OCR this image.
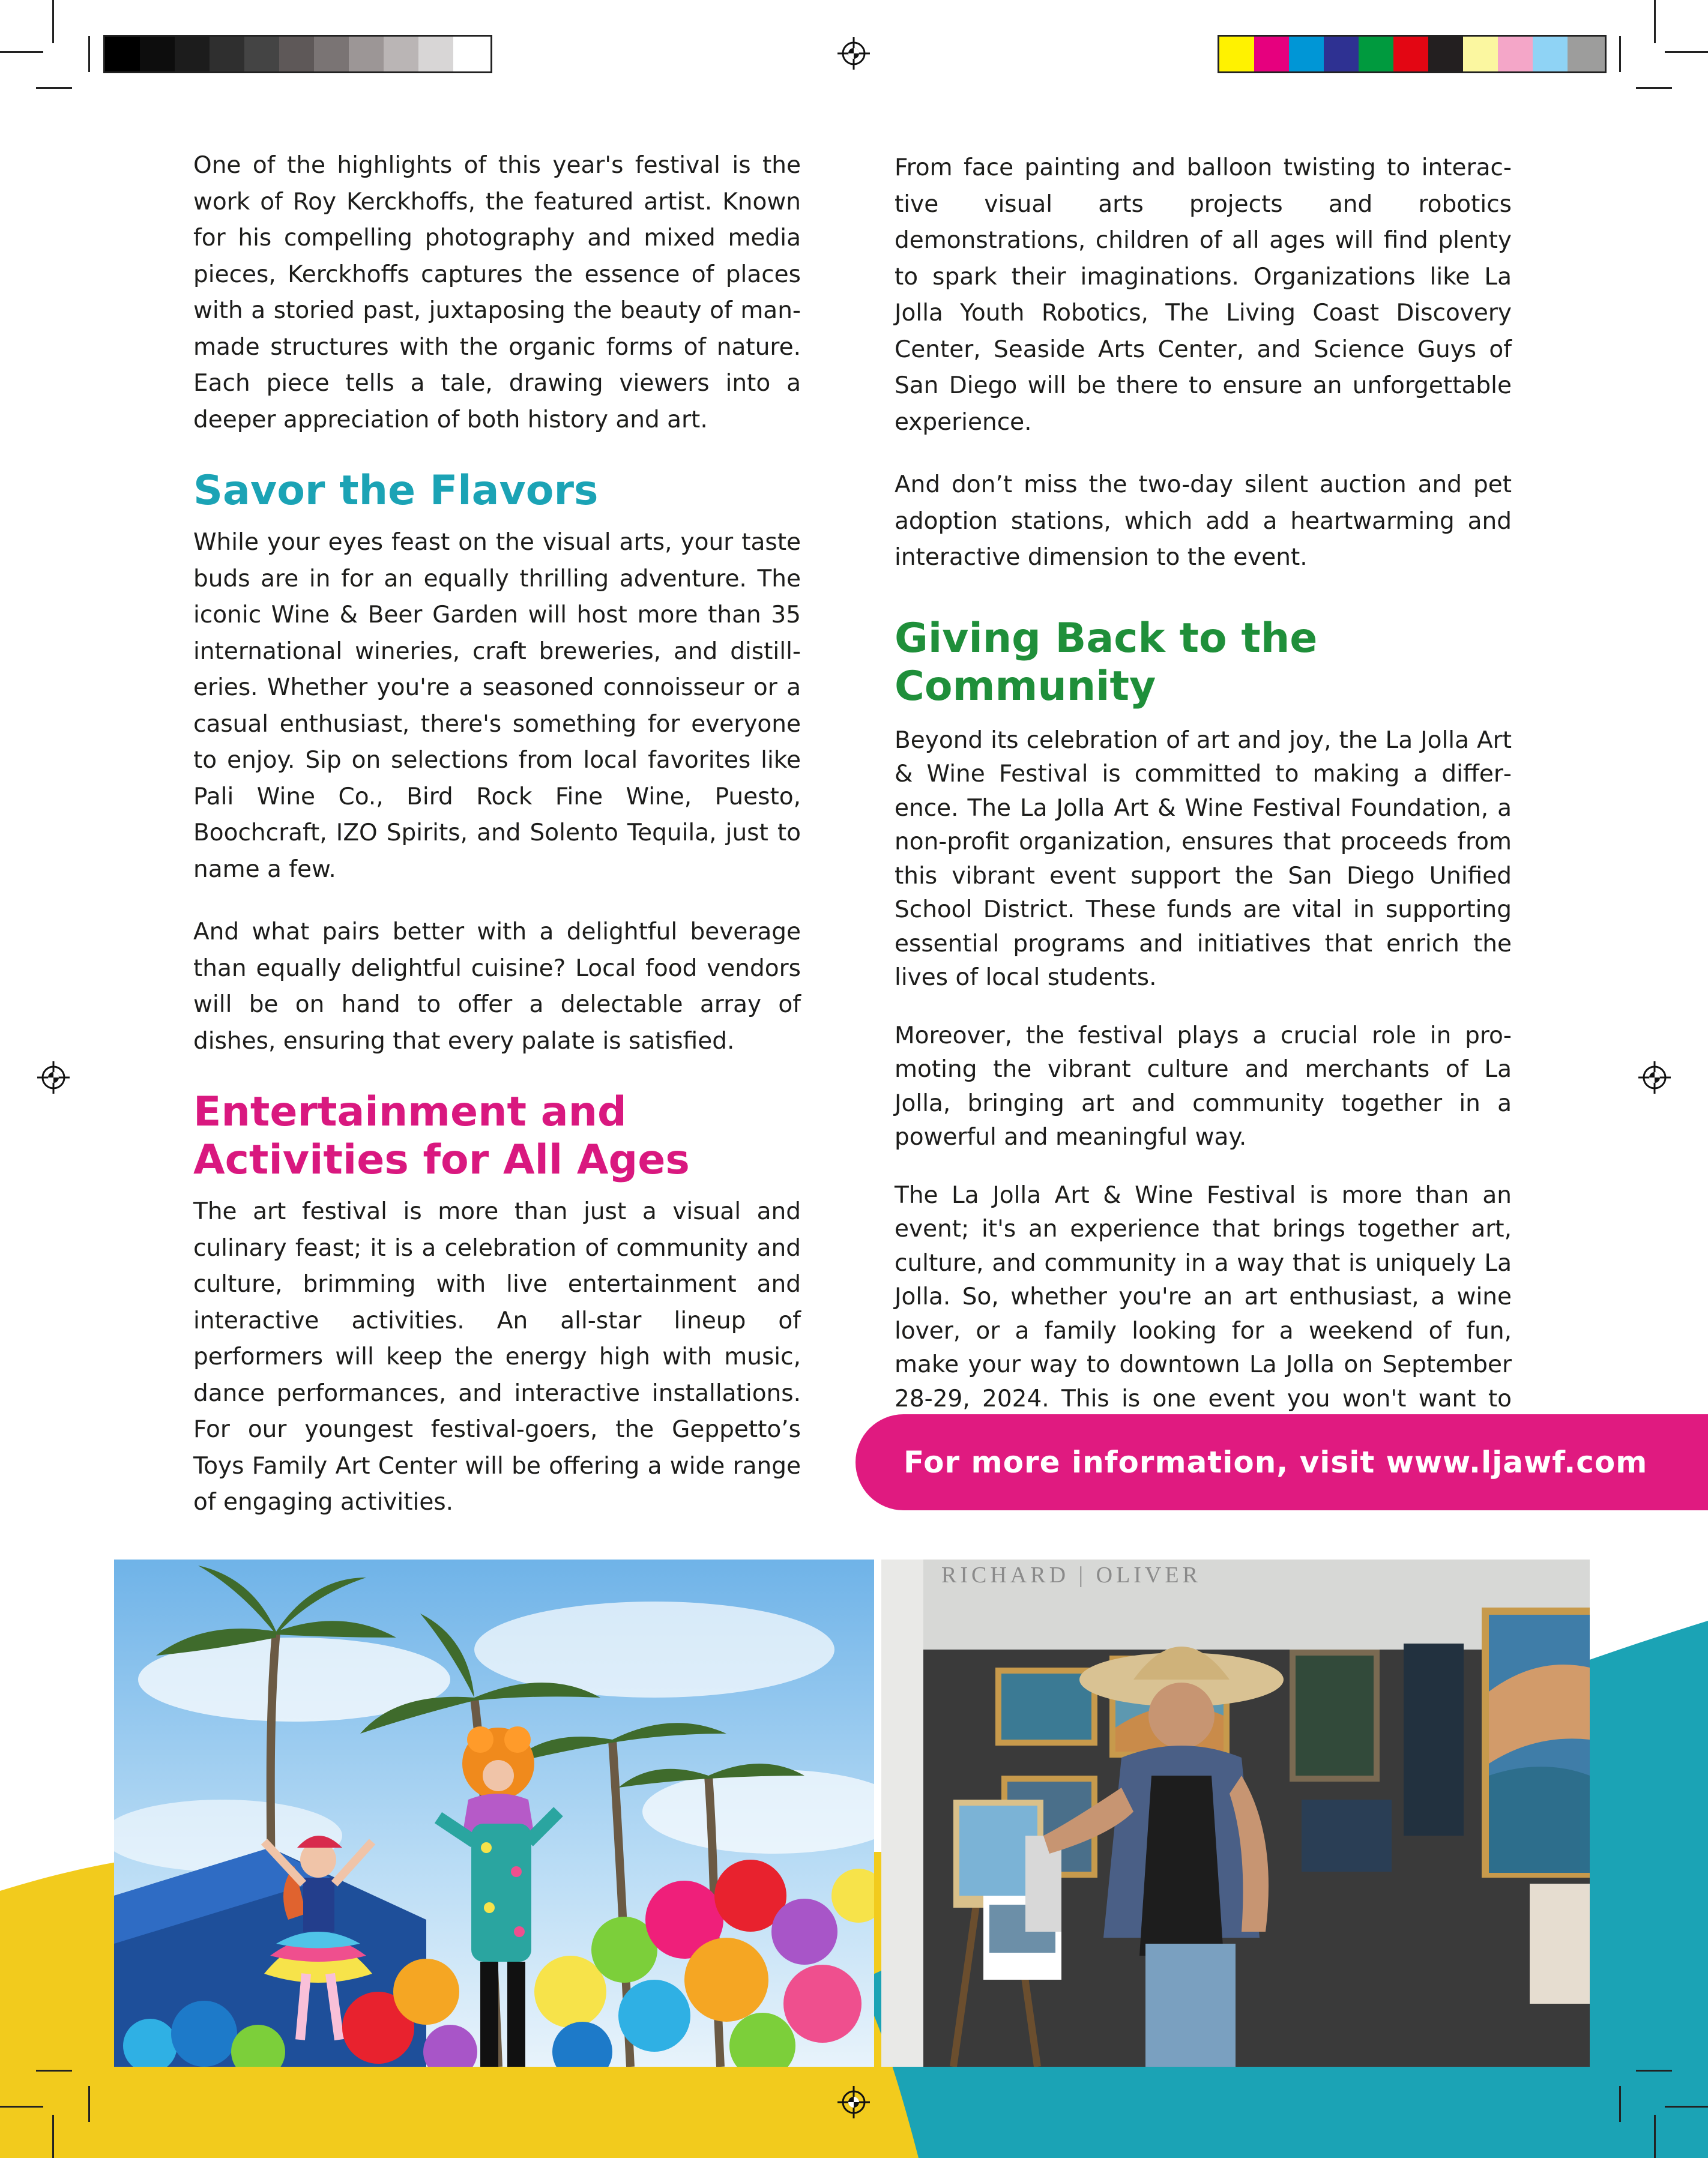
One of the highlights of this year's festival is the work of Roy Kerckhoffs, the featured artist. Known for his compelling photography and mixed media pieces, Kerckhoffs captures the essence of places with a storied past, juxtaposing the beauty of man-made structures with the organic forms of nature. Each piece tells a tale, drawing viewers into a deeper appreciation of both history and art.

Savor the Flavors

While your eyes feast on the visual arts, your taste buds are in for an equally thrilling adventure. The iconic Wine & Beer Garden will host more than 35 international wineries, craft breweries, and distilleries. Whether you're a seasoned connoisseur or a casual enthusiast, there's something for everyone to enjoy. Sip on selections from local favorites like Pali Wine Co., Bird Rock Fine Wine, Puesto, Boochcraft, IZO Spirits, and Solento Tequila, just to name a few.

And what pairs better with a delightful beverage than equally delightful cuisine? Local food vendors will be on hand to offer a delectable array of dishes, ensuring that every palate is satisfied.

Entertainment and
Activities for All Ages

The art festival is more than just a visual and culinary feast; it is a celebration of community and culture, brimming with live entertainment and interactive activities. An all-star lineup of performers will keep the energy high with music, dance performances, and interactive installations. For our youngest festival-goers, the Geppetto’s Toys Family Art Center will be offering a wide range of engaging activities.

From face painting and balloon twisting to interactive visual arts projects and robotics demonstrations, children of all ages will find plenty to spark their imaginations. Organizations like La Jolla Youth Robotics, The Living Coast Discovery Center, Seaside Arts Center, and Science Guys of San Diego will be there to ensure an unforgettable experience.

And don’t miss the two-day silent auction and pet adoption stations, which add a heartwarming and interactive dimension to the event.

Giving Back to the Community

Beyond its celebration of art and joy, the La Jolla Art & Wine Festival is committed to making a difference. The La Jolla Art & Wine Festival Foundation, a non-profit organization, ensures that proceeds from this vibrant event support the San Diego Unified School District. These funds are vital in supporting essential programs and initiatives that enrich the lives of local students.

Moreover, the festival plays a crucial role in promoting the vibrant culture and merchants of La Jolla, bringing art and community together in a powerful and meaningful way.

The La Jolla Art & Wine Festival is more than an event; it's an experience that brings together art, culture, and community in a way that is uniquely La Jolla. So, whether you're an art enthusiast, a wine lover, or a family looking for a weekend of fun, make your way to downtown La Jolla on September 28-29, 2024. This is one event you won't want to

For more information, visit www.ljawf.com
RICHARD | OLIVER
